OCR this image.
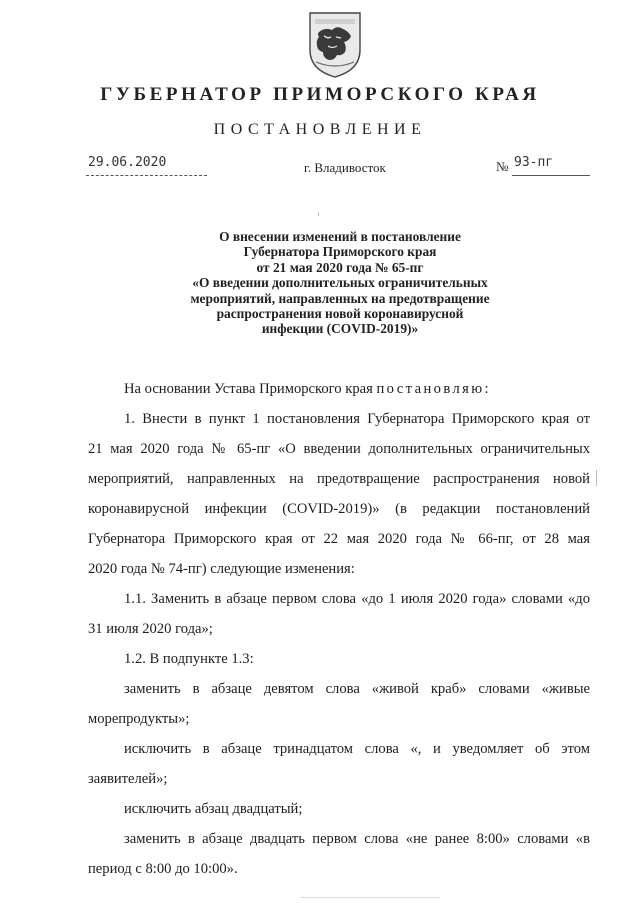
ГУБЕРНАТОР ПРИМОРСКОГО КРАЯ
ПОСТАНОВЛЕНИЕ
29.06.2020	г. Владивосток	№ 93-пг
О внесении изменений в постановление
Губернатора Приморского края
от 21 мая 2020 года № 65-пг
«О введении дополнительных ограничительных
мероприятий, направленных на предотвращение
распространения новой коронавирусной
инфекции (COVID-2019)»
На основании Устава Приморского края постановляю:
1. Внести в пункт 1 постановления Губернатора Приморского края от
21 мая 2020 года № 65-пг «О введении дополнительных ограничительных
мероприятий, направленных на предотвращение распространения новой
коронавирусной инфекции (COVID-2019)» (в редакции постановлений
Губернатора Приморского края от 22 мая 2020 года № 66-пг, от 28 мая
2020 года № 74-пг) следующие изменения:
1.1. Заменить в абзаце первом слова «до 1 июля 2020 года» словами «до
31 июля 2020 года»;
1.2. В подпункте 1.3:
заменить в абзаце девятом слова «живой краб» словами «живые
морепродукты»;
исключить в абзаце тринадцатом слова «, и уведомляет об этом
заявителей»;
исключить абзац двадцатый;
заменить в абзаце двадцать первом слова «не ранее 8:00» словами «в
период с 8:00 до 10:00».
